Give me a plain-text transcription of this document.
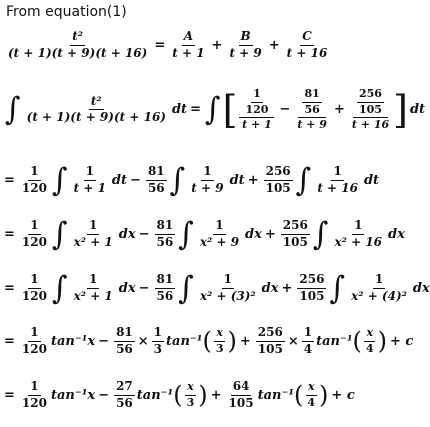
From equation(1)
$\frac{\text{t²}}{(t + 1)(t + 9)(t + 16)} = \frac{A}{t + 1} + \frac{B}{t + 9} + \frac{C}{t + 16}$
∫ $\frac{\text{t²}}{(t + 1)(t + 9)(t + 16)}$ dt = ∫ [ $\frac{\frac{1}{120}}{t + 1} - \frac{\frac{81}{56}}{t + 9} + \frac{\frac{256}{105}}{t + 16}$ ] dt
= $\frac{1}{120}$ ∫ $\frac{1}{t + 1}$ dt − $\frac{81}{56}$ ∫ $\frac{1}{t + 9}$ dt + $\frac{256}{105}$ ∫ $\frac{1}{t + 16}$ dt
= $\frac{1}{120}$ ∫ $\frac{1}{\text{x² + 1}}$ dx − $\frac{81}{56}$ ∫ $\frac{1}{\text{x² + 9}}$ dx + $\frac{256}{105}$ ∫ $\frac{1}{\text{x² + 16}}$ dx
= $\frac{1}{120}$ ∫ $\frac{1}{\text{x² + 1}}$ dx − $\frac{81}{56}$ ∫ $\frac{1}{\text{x² + (3)²}}$ dx + $\frac{256}{105}$ ∫ $\frac{1}{\text{x² + (4)²}}$ dx
= $\frac{1}{120} \tan^{-1}x - \frac{81}{56} \times \frac{1}{3} \tan^{-1}$ ( $\frac{x}{3}$ ) + $\frac{256}{105} \times \frac{1}{4} \tan^{-1}$ ( $\frac{x}{4}$ ) + c
= $\frac{1}{120} \tan^{-1}x - \frac{27}{56} \tan^{-1}$ ( $\frac{x}{3}$ ) + $\frac{64}{105} \tan^{-1}$ ( $\frac{x}{4}$ ) + c
